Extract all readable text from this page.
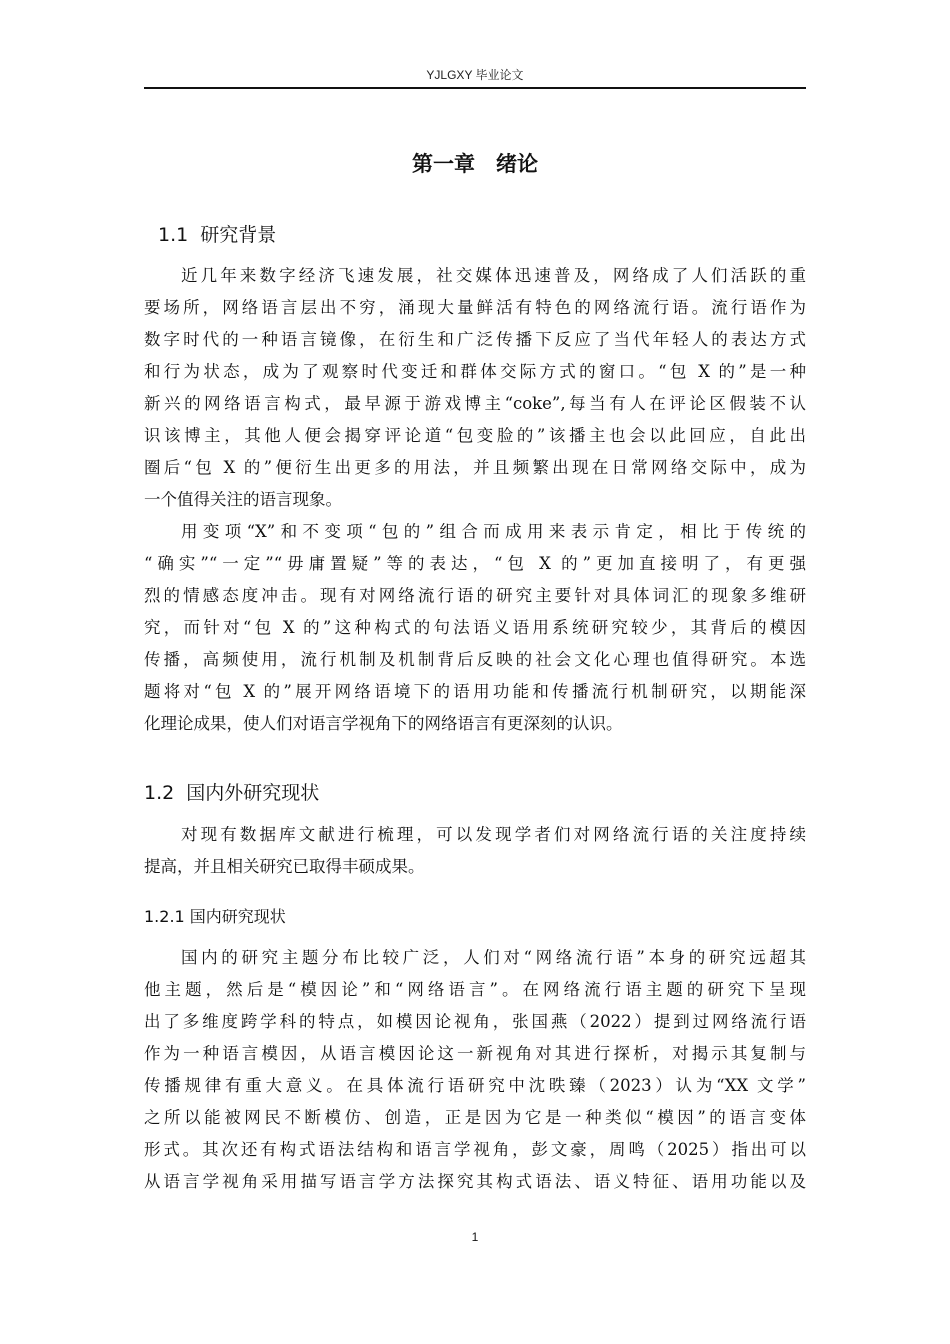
YJLGXY 毕业论文
第一章　绪论
1.1  研究背景
近几年来数字经济飞速发展，社交媒体迅速普及，网络成了人们活跃的重
要场所，网络语言层出不穷，涌现大量鲜活有特色的网络流行语。流行语作为
数字时代的一种语言镜像，在衍生和广泛传播下反应了当代年轻人的表达方式
和行为状态，成为了观察时代变迁和群体交际方式的窗口。“包 X 的”是一种
新兴的网络语言构式，最早源于游戏博主“coke”,每当有人在评论区假装不认
识该博主，其他人便会揭穿评论道“包变脸的”该播主也会以此回应，自此出
圈后“包 X 的”便衍生出更多的用法，并且频繁出现在日常网络交际中，成为
一个值得关注的语言现象。
用变项“X”和不变项“包的”组合而成用来表示肯定，相比于传统的
“确实”“一定”“毋庸置疑”等的表达，“包 X 的”更加直接明了，有更强
烈的情感态度冲击。现有对网络流行语的研究主要针对具体词汇的现象多维研
究，而针对“包 X 的”这种构式的句法语义语用系统研究较少，其背后的模因
传播，高频使用，流行机制及机制背后反映的社会文化心理也值得研究。本选
题将对“包 X 的”展开网络语境下的语用功能和传播流行机制研究，以期能深
化理论成果，使人们对语言学视角下的网络语言有更深刻的认识。
1.2  国内外研究现状
对现有数据库文献进行梳理，可以发现学者们对网络流行语的关注度持续
提高，并且相关研究已取得丰硕成果。
1.2.1 国内研究现状
国内的研究主题分布比较广泛，人们对“网络流行语”本身的研究远超其
他主题，然后是“模因论”和“网络语言”。在网络流行语主题的研究下呈现
出了多维度跨学科的特点，如模因论视角，张国燕（2022）提到过网络流行语
作为一种语言模因，从语言模因论这一新视角对其进行探析，对揭示其复制与
传播规律有重大意义。在具体流行语研究中沈昳臻（2023）认为“XX 文学”
之所以能被网民不断模仿、创造，正是因为它是一种类似“模因”的语言变体
形式。其次还有构式语法结构和语言学视角，彭文豪，周鸣（2025）指出可以
从语言学视角采用描写语言学方法探究其构式语法、语义特征、语用功能以及
1
